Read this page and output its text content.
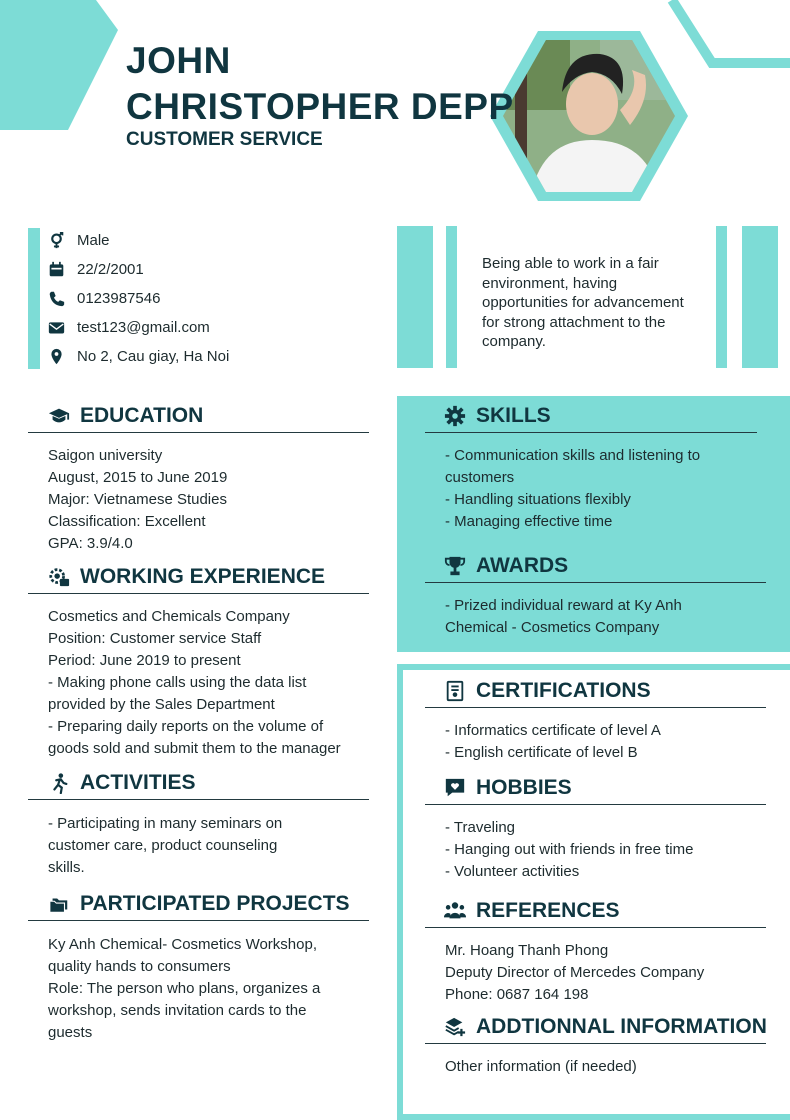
JOHN
CHRISTOPHER DEPP
CUSTOMER SERVICE
Male
22/2/2001
0123987546
test123@gmail.com
No 2, Cau giay, Ha Noi
Being able to work in a fair
environment, having
opportunities for advancement
for strong attachment to the
company.
EDUCATION
Saigon university
August, 2015 to June 2019
Major: Vietnamese Studies
Classification: Excellent
GPA: 3.9/4.0
WORKING EXPERIENCE
Cosmetics and Chemicals Company
Position: Customer service Staff
Period: June 2019 to present
- Making phone calls using the data list
provided by the Sales Department
- Preparing daily reports on the volume of
goods sold and submit them to the manager
ACTIVITIES
- Participating in many seminars on
customer care, product counseling
skills.
PARTICIPATED PROJECTS
Ky Anh Chemical- Cosmetics Workshop,
quality hands to consumers
Role: The person who plans, organizes a
workshop, sends invitation cards to the
guests
SKILLS
- Communication skills and listening to
customers
- Handling situations flexibly
- Managing effective time
AWARDS
- Prized individual reward at Ky Anh
Chemical - Cosmetics Company
CERTIFICATIONS
- Informatics certificate of level A
- English certificate of level B
HOBBIES
- Traveling
- Hanging out with friends in free time
- Volunteer activities
REFERENCES
Mr. Hoang Thanh Phong
Deputy Director of Mercedes Company
Phone: 0687 164 198
ADDTIONNAL INFORMATION
Other information (if needed)
